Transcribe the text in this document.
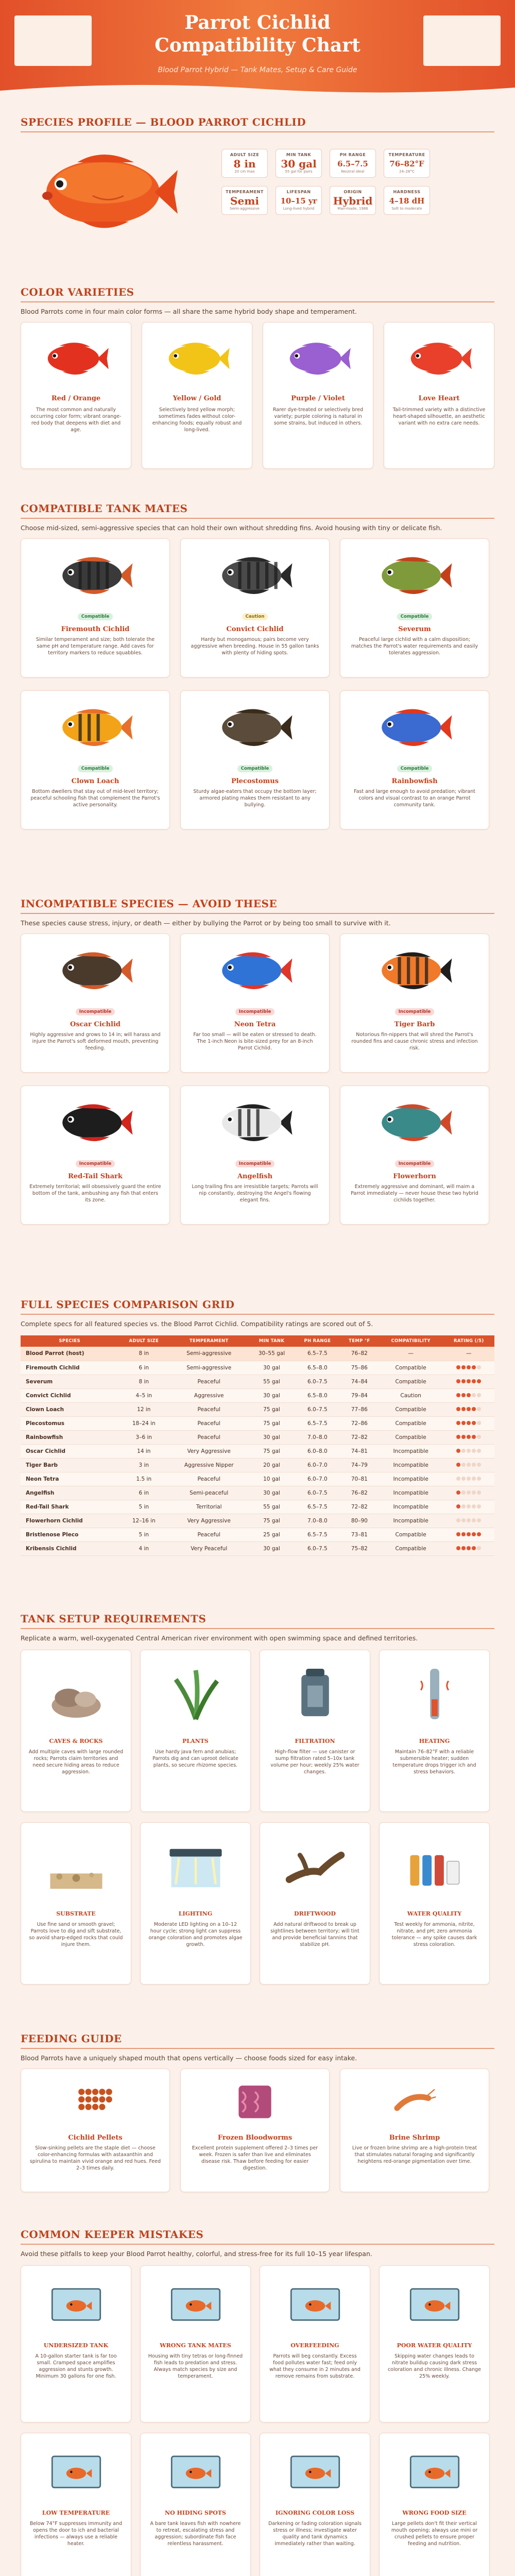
Parrot Cichlid
Compatibility Chart
Blood Parrot Hybrid — Tank Mates, Setup & Care Guide
SPECIES PROFILE — BLOOD PARROT CICHLID
ADULT SIZE
8 in
20 cm max
MIN TANK
30 gal
55 gal for pairs
PH RANGE
6.5–7.5
Neutral ideal
TEMPERATURE
76–82°F
24–28°C
TEMPERAMENT
Semi
Semi-aggressive
LIFESPAN
10–15 yr
Long-lived hybrid
ORIGIN
Hybrid
Man-made, 1986
HARDNESS
4–18 dH
Soft to moderate
COLOR VARIETIES
Blood Parrots come in four main color forms — all share the same hybrid body shape and temperament.
Red / Orange
The most common and naturally occurring color form; vibrant orange-red body that deepens with diet and age.
Yellow / Gold
Selectively bred yellow morph; sometimes fades without color-enhancing foods; equally robust and long-lived.
Purple / Violet
Rarer dye-treated or selectively bred variety; purple coloring is natural in some strains, but induced in others.
Love Heart
Tail-trimmed variety with a distinctive heart-shaped silhouette, an aesthetic variant with no extra care needs.
COMPATIBLE TANK MATES
Choose mid-sized, semi-aggressive species that can hold their own without shredding fins. Avoid housing with tiny or delicate fish.
Compatible
Firemouth Cichlid
Similar temperament and size; both tolerate the same pH and temperature range. Add caves for territory markers to reduce squabbles.
Caution
Convict Cichlid
Hardy but monogamous; pairs become very aggressive when breeding. House in 55 gallon tanks with plenty of hiding spots.
Compatible
Severum
Peaceful large cichlid with a calm disposition; matches the Parrot's water requirements and easily tolerates aggression.
Compatible
Clown Loach
Bottom dwellers that stay out of mid-level territory; peaceful schooling fish that complement the Parrot's active personality.
Compatible
Plecostomus
Sturdy algae-eaters that occupy the bottom layer; armored plating makes them resistant to any bullying.
Compatible
Rainbowfish
Fast and large enough to avoid predation; vibrant colors and visual contrast to an orange Parrot community tank.
INCOMPATIBLE SPECIES — AVOID THESE
These species cause stress, injury, or death — either by bullying the Parrot or by being too small to survive with it.
Incompatible
Oscar Cichlid
Highly aggressive and grows to 14 in; will harass and injure the Parrot's soft deformed mouth, preventing feeding.
Incompatible
Neon Tetra
Far too small — will be eaten or stressed to death. The 1-inch Neon is bite-sized prey for an 8-inch Parrot Cichlid.
Incompatible
Tiger Barb
Notorious fin-nippers that will shred the Parrot's rounded fins and cause chronic stress and infection risk.
Incompatible
Red-Tail Shark
Extremely territorial; will obsessively guard the entire bottom of the tank, ambushing any fish that enters its zone.
Incompatible
Angelfish
Long trailing fins are irresistible targets; Parrots will nip constantly, destroying the Angel's flowing elegant fins.
Incompatible
Flowerhorn
Extremely aggressive and dominant, will maim a Parrot immediately — never house these two hybrid cichlids together.
FULL SPECIES COMPARISON GRID
Complete specs for all featured species vs. the Blood Parrot Cichlid. Compatibility ratings are scored out of 5.
SPECIES	ADULT SIZE	TEMPERAMENT	MIN TANK	PH RANGE	TEMP °F	COMPATIBILITY	RATING (/5)
Blood Parrot (host)	8 in	Semi-aggressive	30–55 gal	6.5–7.5	76–82	—	—
Firemouth Cichlid	6 in	Semi-aggressive	30 gal	6.5–8.0	75–86	Compatible	
Severum	8 in	Peaceful	55 gal	6.0–7.5	74–84	Compatible	
Convict Cichlid	4–5 in	Aggressive	30 gal	6.5–8.0	79–84	Caution	
Clown Loach	12 in	Peaceful	75 gal	6.0–7.5	77–86	Compatible	
Plecostomus	18–24 in	Peaceful	75 gal	6.5–7.5	72–86	Compatible	
Rainbowfish	3–6 in	Peaceful	30 gal	7.0–8.0	72–82	Compatible	
Oscar Cichlid	14 in	Very Aggressive	75 gal	6.0–8.0	74–81	Incompatible	
Tiger Barb	3 in	Aggressive Nipper	20 gal	6.0–7.0	74–79	Incompatible	
Neon Tetra	1.5 in	Peaceful	10 gal	6.0–7.0	70–81	Incompatible	
Angelfish	6 in	Semi-peaceful	30 gal	6.0–7.5	76–82	Incompatible	
Red-Tail Shark	5 in	Territorial	55 gal	6.5–7.5	72–82	Incompatible	
Flowerhorn Cichlid	12–16 in	Very Aggressive	75 gal	7.0–8.0	80–90	Incompatible	
Bristlenose Pleco	5 in	Peaceful	25 gal	6.5–7.5	73–81	Compatible	
Kribensis Cichlid	4 in	Very Peaceful	30 gal	6.0–7.5	75–82	Compatible	
TANK SETUP REQUIREMENTS
Replicate a warm, well-oxygenated Central American river environment with open swimming space and defined territories.
CAVES & ROCKS
Add multiple caves with large rounded rocks; Parrots claim territories and need secure hiding areas to reduce aggression.
PLANTS
Use hardy java fern and anubias; Parrots dig and can uproot delicate plants, so secure rhizome species.
FILTRATION
High-flow filter — use canister or sump filtration rated 5–10x tank volume per hour; weekly 25% water changes.
HEATING
Maintain 76–82°F with a reliable submersible heater; sudden temperature drops trigger ich and stress behaviors.
SUBSTRATE
Use fine sand or smooth gravel; Parrots love to dig and sift substrate, so avoid sharp-edged rocks that could injure them.
LIGHTING
Moderate LED lighting on a 10–12 hour cycle; strong light can suppress orange coloration and promotes algae growth.
DRIFTWOOD
Add natural driftwood to break up sightlines between territory; will tint and provide beneficial tannins that stabilize pH.
WATER QUALITY
Test weekly for ammonia, nitrite, nitrate, and pH; zero ammonia tolerance — any spike causes dark stress coloration.
FEEDING GUIDE
Blood Parrots have a uniquely shaped mouth that opens vertically — choose foods sized for easy intake.
Cichlid Pellets
Slow-sinking pellets are the staple diet — choose color-enhancing formulas with astaxanthin and spirulina to maintain vivid orange and red hues. Feed 2–3 times daily.
Frozen Bloodworms
Excellent protein supplement offered 2–3 times per week. Frozen is safer than live and eliminates disease risk. Thaw before feeding for easier digestion.
Brine Shrimp
Live or frozen brine shrimp are a high-protein treat that stimulates natural foraging and significantly heightens red-orange pigmentation over time.
COMMON KEEPER MISTAKES
Avoid these pitfalls to keep your Blood Parrot healthy, colorful, and stress-free for its full 10–15 year lifespan.
UNDERSIZED TANK
A 10-gallon starter tank is far too small. Cramped space amplifies aggression and stunts growth. Minimum 30 gallons for one fish.
WRONG TANK MATES
Housing with tiny tetras or long-finned fish leads to predation and stress. Always match species by size and temperament.
OVERFEEDING
Parrots will beg constantly. Excess food pollutes water fast; feed only what they consume in 2 minutes and remove remains from substrate.
POOR WATER QUALITY
Skipping water changes leads to nitrate buildup causing dark stress coloration and chronic illness. Change 25% weekly.
LOW TEMPERATURE
Below 74°F suppresses immunity and opens the door to ich and bacterial infections — always use a reliable heater.
NO HIDING SPOTS
A bare tank leaves fish with nowhere to retreat, escalating stress and aggression; subordinate fish face relentless harassment.
IGNORING COLOR LOSS
Darkening or fading coloration signals stress or illness; investigate water quality and tank dynamics immediately rather than waiting.
WRONG FOOD SIZE
Large pellets don't fit their vertical mouth opening; always use mini or crushed pellets to ensure proper feeding and nutrition.
